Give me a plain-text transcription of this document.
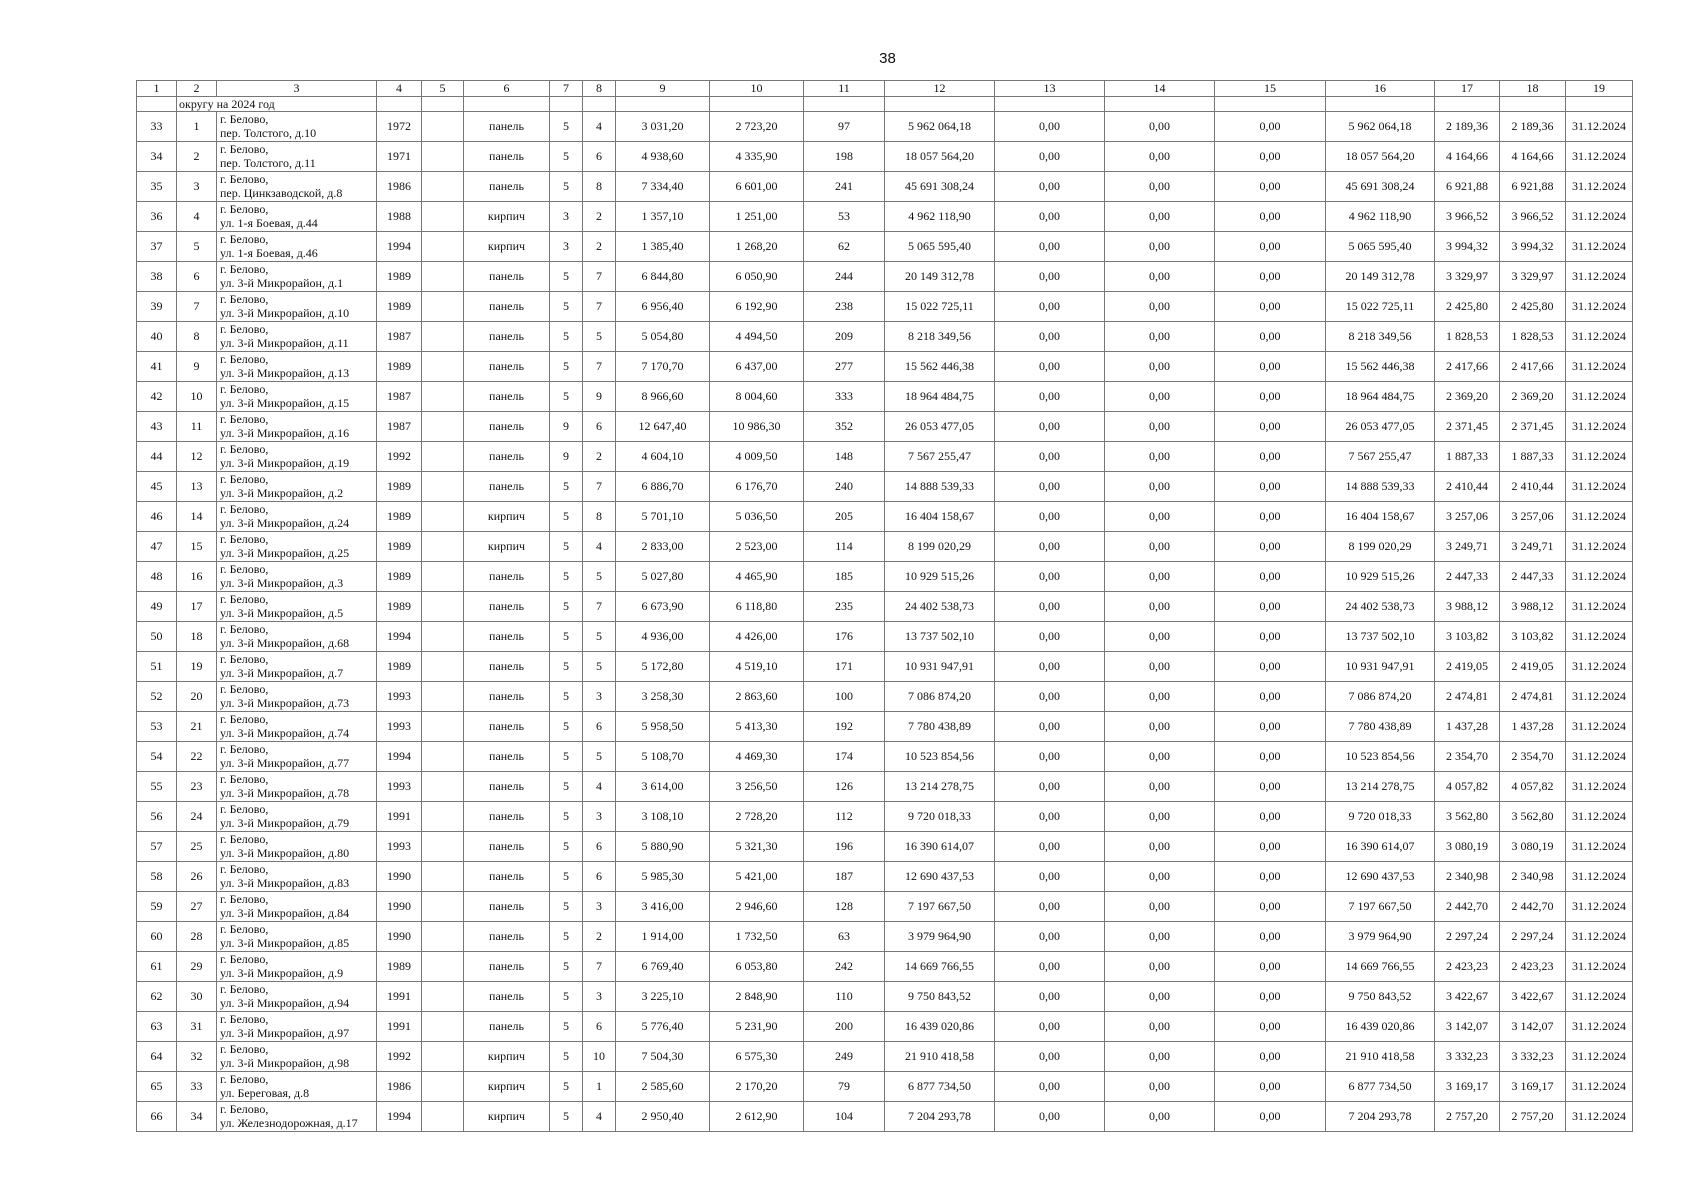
38
1	2	3	4	5	6	7	8	9	10	11	12	13	14	15	16	17	18	19
	округу на 2024 год																	
33	1	г. Белово,
пер. Толстого, д.10	1972		панель	5	4	3 031,20	2 723,20	97	5 962 064,18	0,00	0,00	0,00	5 962 064,18	2 189,36	2 189,36	31.12.2024
34	2	г. Белово,
пер. Толстого, д.11	1971		панель	5	6	4 938,60	4 335,90	198	18 057 564,20	0,00	0,00	0,00	18 057 564,20	4 164,66	4 164,66	31.12.2024
35	3	г. Белово,
пер. Цинкзаводской, д.8	1986		панель	5	8	7 334,40	6 601,00	241	45 691 308,24	0,00	0,00	0,00	45 691 308,24	6 921,88	6 921,88	31.12.2024
36	4	г. Белово,
ул. 1-я Боевая, д.44	1988		кирпич	3	2	1 357,10	1 251,00	53	4 962 118,90	0,00	0,00	0,00	4 962 118,90	3 966,52	3 966,52	31.12.2024
37	5	г. Белово,
ул. 1-я Боевая, д.46	1994		кирпич	3	2	1 385,40	1 268,20	62	5 065 595,40	0,00	0,00	0,00	5 065 595,40	3 994,32	3 994,32	31.12.2024
38	6	г. Белово,
ул. 3-й Микрорайон, д.1	1989		панель	5	7	6 844,80	6 050,90	244	20 149 312,78	0,00	0,00	0,00	20 149 312,78	3 329,97	3 329,97	31.12.2024
39	7	г. Белово,
ул. 3-й Микрорайон, д.10	1989		панель	5	7	6 956,40	6 192,90	238	15 022 725,11	0,00	0,00	0,00	15 022 725,11	2 425,80	2 425,80	31.12.2024
40	8	г. Белово,
ул. 3-й Микрорайон, д.11	1987		панель	5	5	5 054,80	4 494,50	209	8 218 349,56	0,00	0,00	0,00	8 218 349,56	1 828,53	1 828,53	31.12.2024
41	9	г. Белово,
ул. 3-й Микрорайон, д.13	1989		панель	5	7	7 170,70	6 437,00	277	15 562 446,38	0,00	0,00	0,00	15 562 446,38	2 417,66	2 417,66	31.12.2024
42	10	г. Белово,
ул. 3-й Микрорайон, д.15	1987		панель	5	9	8 966,60	8 004,60	333	18 964 484,75	0,00	0,00	0,00	18 964 484,75	2 369,20	2 369,20	31.12.2024
43	11	г. Белово,
ул. 3-й Микрорайон, д.16	1987		панель	9	6	12 647,40	10 986,30	352	26 053 477,05	0,00	0,00	0,00	26 053 477,05	2 371,45	2 371,45	31.12.2024
44	12	г. Белово,
ул. 3-й Микрорайон, д.19	1992		панель	9	2	4 604,10	4 009,50	148	7 567 255,47	0,00	0,00	0,00	7 567 255,47	1 887,33	1 887,33	31.12.2024
45	13	г. Белово,
ул. 3-й Микрорайон, д.2	1989		панель	5	7	6 886,70	6 176,70	240	14 888 539,33	0,00	0,00	0,00	14 888 539,33	2 410,44	2 410,44	31.12.2024
46	14	г. Белово,
ул. 3-й Микрорайон, д.24	1989		кирпич	5	8	5 701,10	5 036,50	205	16 404 158,67	0,00	0,00	0,00	16 404 158,67	3 257,06	3 257,06	31.12.2024
47	15	г. Белово,
ул. 3-й Микрорайон, д.25	1989		кирпич	5	4	2 833,00	2 523,00	114	8 199 020,29	0,00	0,00	0,00	8 199 020,29	3 249,71	3 249,71	31.12.2024
48	16	г. Белово,
ул. 3-й Микрорайон, д.3	1989		панель	5	5	5 027,80	4 465,90	185	10 929 515,26	0,00	0,00	0,00	10 929 515,26	2 447,33	2 447,33	31.12.2024
49	17	г. Белово,
ул. 3-й Микрорайон, д.5	1989		панель	5	7	6 673,90	6 118,80	235	24 402 538,73	0,00	0,00	0,00	24 402 538,73	3 988,12	3 988,12	31.12.2024
50	18	г. Белово,
ул. 3-й Микрорайон, д.68	1994		панель	5	5	4 936,00	4 426,00	176	13 737 502,10	0,00	0,00	0,00	13 737 502,10	3 103,82	3 103,82	31.12.2024
51	19	г. Белово,
ул. 3-й Микрорайон, д.7	1989		панель	5	5	5 172,80	4 519,10	171	10 931 947,91	0,00	0,00	0,00	10 931 947,91	2 419,05	2 419,05	31.12.2024
52	20	г. Белово,
ул. 3-й Микрорайон, д.73	1993		панель	5	3	3 258,30	2 863,60	100	7 086 874,20	0,00	0,00	0,00	7 086 874,20	2 474,81	2 474,81	31.12.2024
53	21	г. Белово,
ул. 3-й Микрорайон, д.74	1993		панель	5	6	5 958,50	5 413,30	192	7 780 438,89	0,00	0,00	0,00	7 780 438,89	1 437,28	1 437,28	31.12.2024
54	22	г. Белово,
ул. 3-й Микрорайон, д.77	1994		панель	5	5	5 108,70	4 469,30	174	10 523 854,56	0,00	0,00	0,00	10 523 854,56	2 354,70	2 354,70	31.12.2024
55	23	г. Белово,
ул. 3-й Микрорайон, д.78	1993		панель	5	4	3 614,00	3 256,50	126	13 214 278,75	0,00	0,00	0,00	13 214 278,75	4 057,82	4 057,82	31.12.2024
56	24	г. Белово,
ул. 3-й Микрорайон, д.79	1991		панель	5	3	3 108,10	2 728,20	112	9 720 018,33	0,00	0,00	0,00	9 720 018,33	3 562,80	3 562,80	31.12.2024
57	25	г. Белово,
ул. 3-й Микрорайон, д.80	1993		панель	5	6	5 880,90	5 321,30	196	16 390 614,07	0,00	0,00	0,00	16 390 614,07	3 080,19	3 080,19	31.12.2024
58	26	г. Белово,
ул. 3-й Микрорайон, д.83	1990		панель	5	6	5 985,30	5 421,00	187	12 690 437,53	0,00	0,00	0,00	12 690 437,53	2 340,98	2 340,98	31.12.2024
59	27	г. Белово,
ул. 3-й Микрорайон, д.84	1990		панель	5	3	3 416,00	2 946,60	128	7 197 667,50	0,00	0,00	0,00	7 197 667,50	2 442,70	2 442,70	31.12.2024
60	28	г. Белово,
ул. 3-й Микрорайон, д.85	1990		панель	5	2	1 914,00	1 732,50	63	3 979 964,90	0,00	0,00	0,00	3 979 964,90	2 297,24	2 297,24	31.12.2024
61	29	г. Белово,
ул. 3-й Микрорайон, д.9	1989		панель	5	7	6 769,40	6 053,80	242	14 669 766,55	0,00	0,00	0,00	14 669 766,55	2 423,23	2 423,23	31.12.2024
62	30	г. Белово,
ул. 3-й Микрорайон, д.94	1991		панель	5	3	3 225,10	2 848,90	110	9 750 843,52	0,00	0,00	0,00	9 750 843,52	3 422,67	3 422,67	31.12.2024
63	31	г. Белово,
ул. 3-й Микрорайон, д.97	1991		панель	5	6	5 776,40	5 231,90	200	16 439 020,86	0,00	0,00	0,00	16 439 020,86	3 142,07	3 142,07	31.12.2024
64	32	г. Белово,
ул. 3-й Микрорайон, д.98	1992		кирпич	5	10	7 504,30	6 575,30	249	21 910 418,58	0,00	0,00	0,00	21 910 418,58	3 332,23	3 332,23	31.12.2024
65	33	г. Белово,
ул. Береговая, д.8	1986		кирпич	5	1	2 585,60	2 170,20	79	6 877 734,50	0,00	0,00	0,00	6 877 734,50	3 169,17	3 169,17	31.12.2024
66	34	г. Белово,
ул. Железнодорожная, д.17	1994		кирпич	5	4	2 950,40	2 612,90	104	7 204 293,78	0,00	0,00	0,00	7 204 293,78	2 757,20	2 757,20	31.12.2024
